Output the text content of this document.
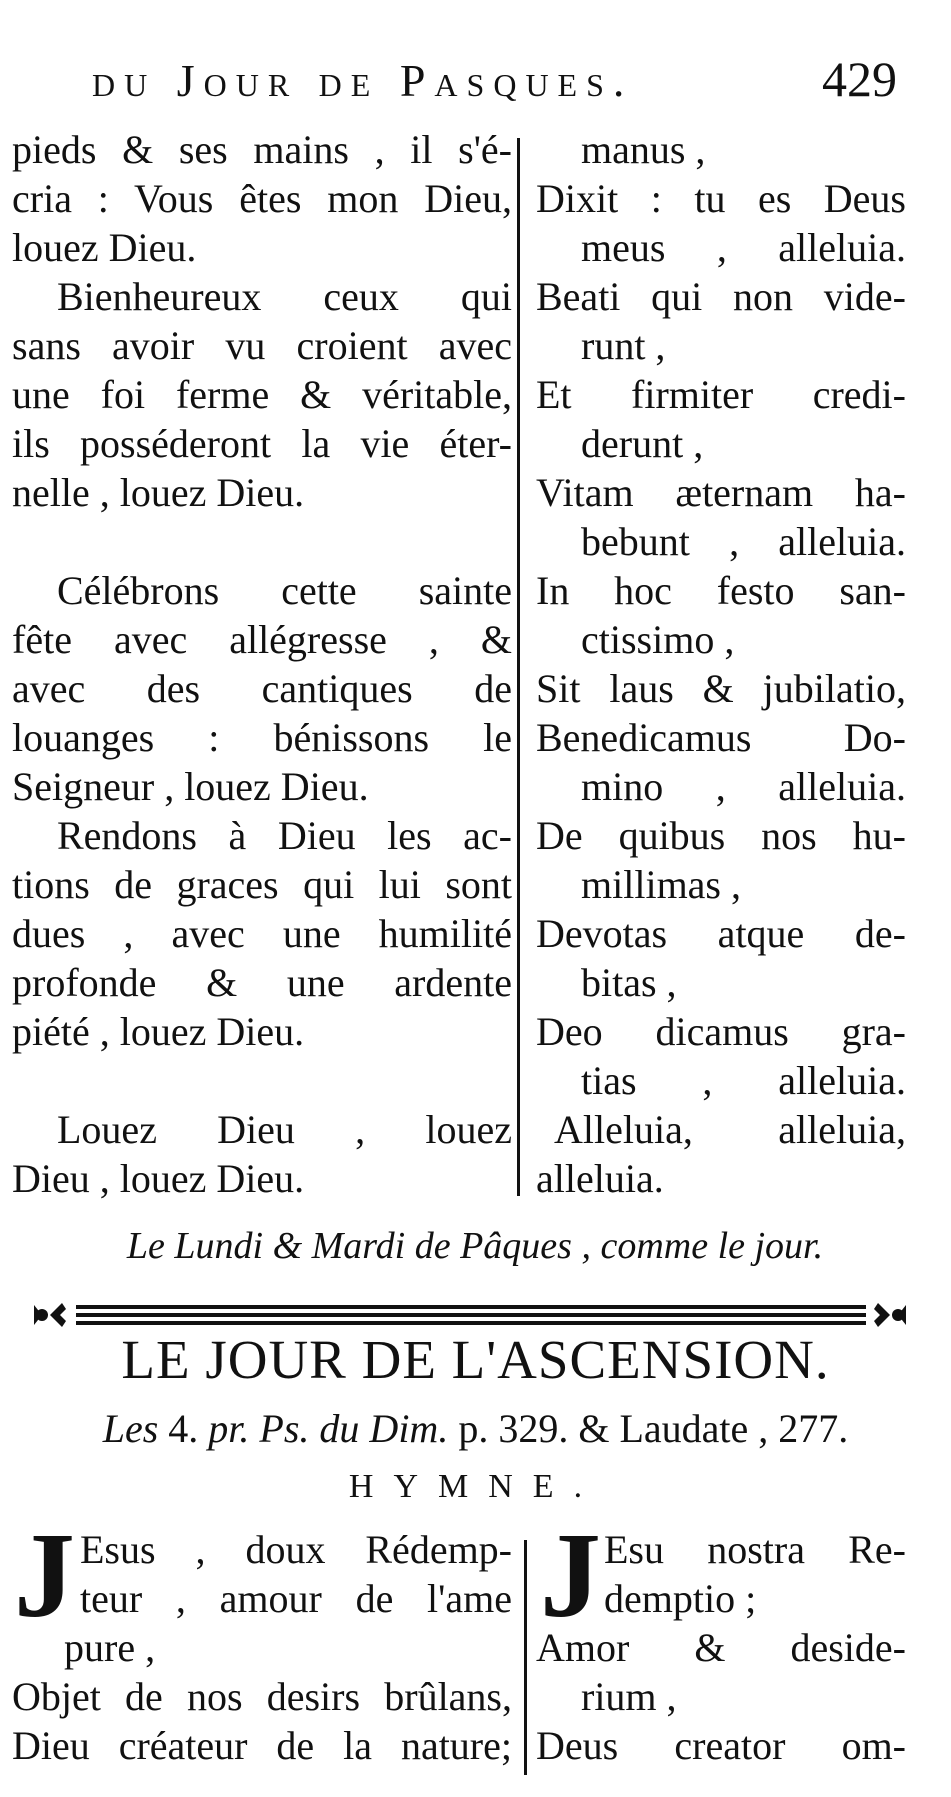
du Jour de Pasques.	429
pieds & ses mains , il s'é-
cria : Vous êtes mon Dieu,
louez Dieu.
Bienheureux ceux qui
sans avoir vu croient avec
une foi ferme & véritable,
ils posséderont la vie éter-
nelle , louez Dieu.
Célébrons cette sainte
fête avec allégresse , &
avec des cantiques de
louanges : bénissons le
Seigneur , louez Dieu.
Rendons à Dieu les ac-
tions de graces qui lui sont
dues , avec une humilité
profonde & une ardente
piété , louez Dieu.
Louez Dieu , louez
Dieu , louez Dieu.
manus ,
Dixit : tu es Deus
meus , alleluia.
Beati qui non vide-
runt ,
Et firmiter credi-
derunt ,
Vitam æternam ha-
bebunt , alleluia.
In hoc festo san-
ctissimo ,
Sit laus & jubilatio,
Benedicamus Do-
mino , alleluia.
De quibus nos hu-
millimas ,
Devotas atque de-
bitas ,
Deo dicamus gra-
tias , alleluia.
Alleluia, alleluia,
alleluia.
Le Lundi & Mardi de Pâques , comme le jour.
LE JOUR DE L'ASCENSION.
Les 4. pr. Ps. du Dim. p. 329. & Laudate , 277.
HYMNE.
J Esus , doux Rédemp-
teur , amour de l'ame
pure ,
Objet de nos desirs brûlans,
Dieu créateur de la nature;
J Esu nostra Re-
demptio ;
Amor & deside-
rium ,
Deus creator om-
